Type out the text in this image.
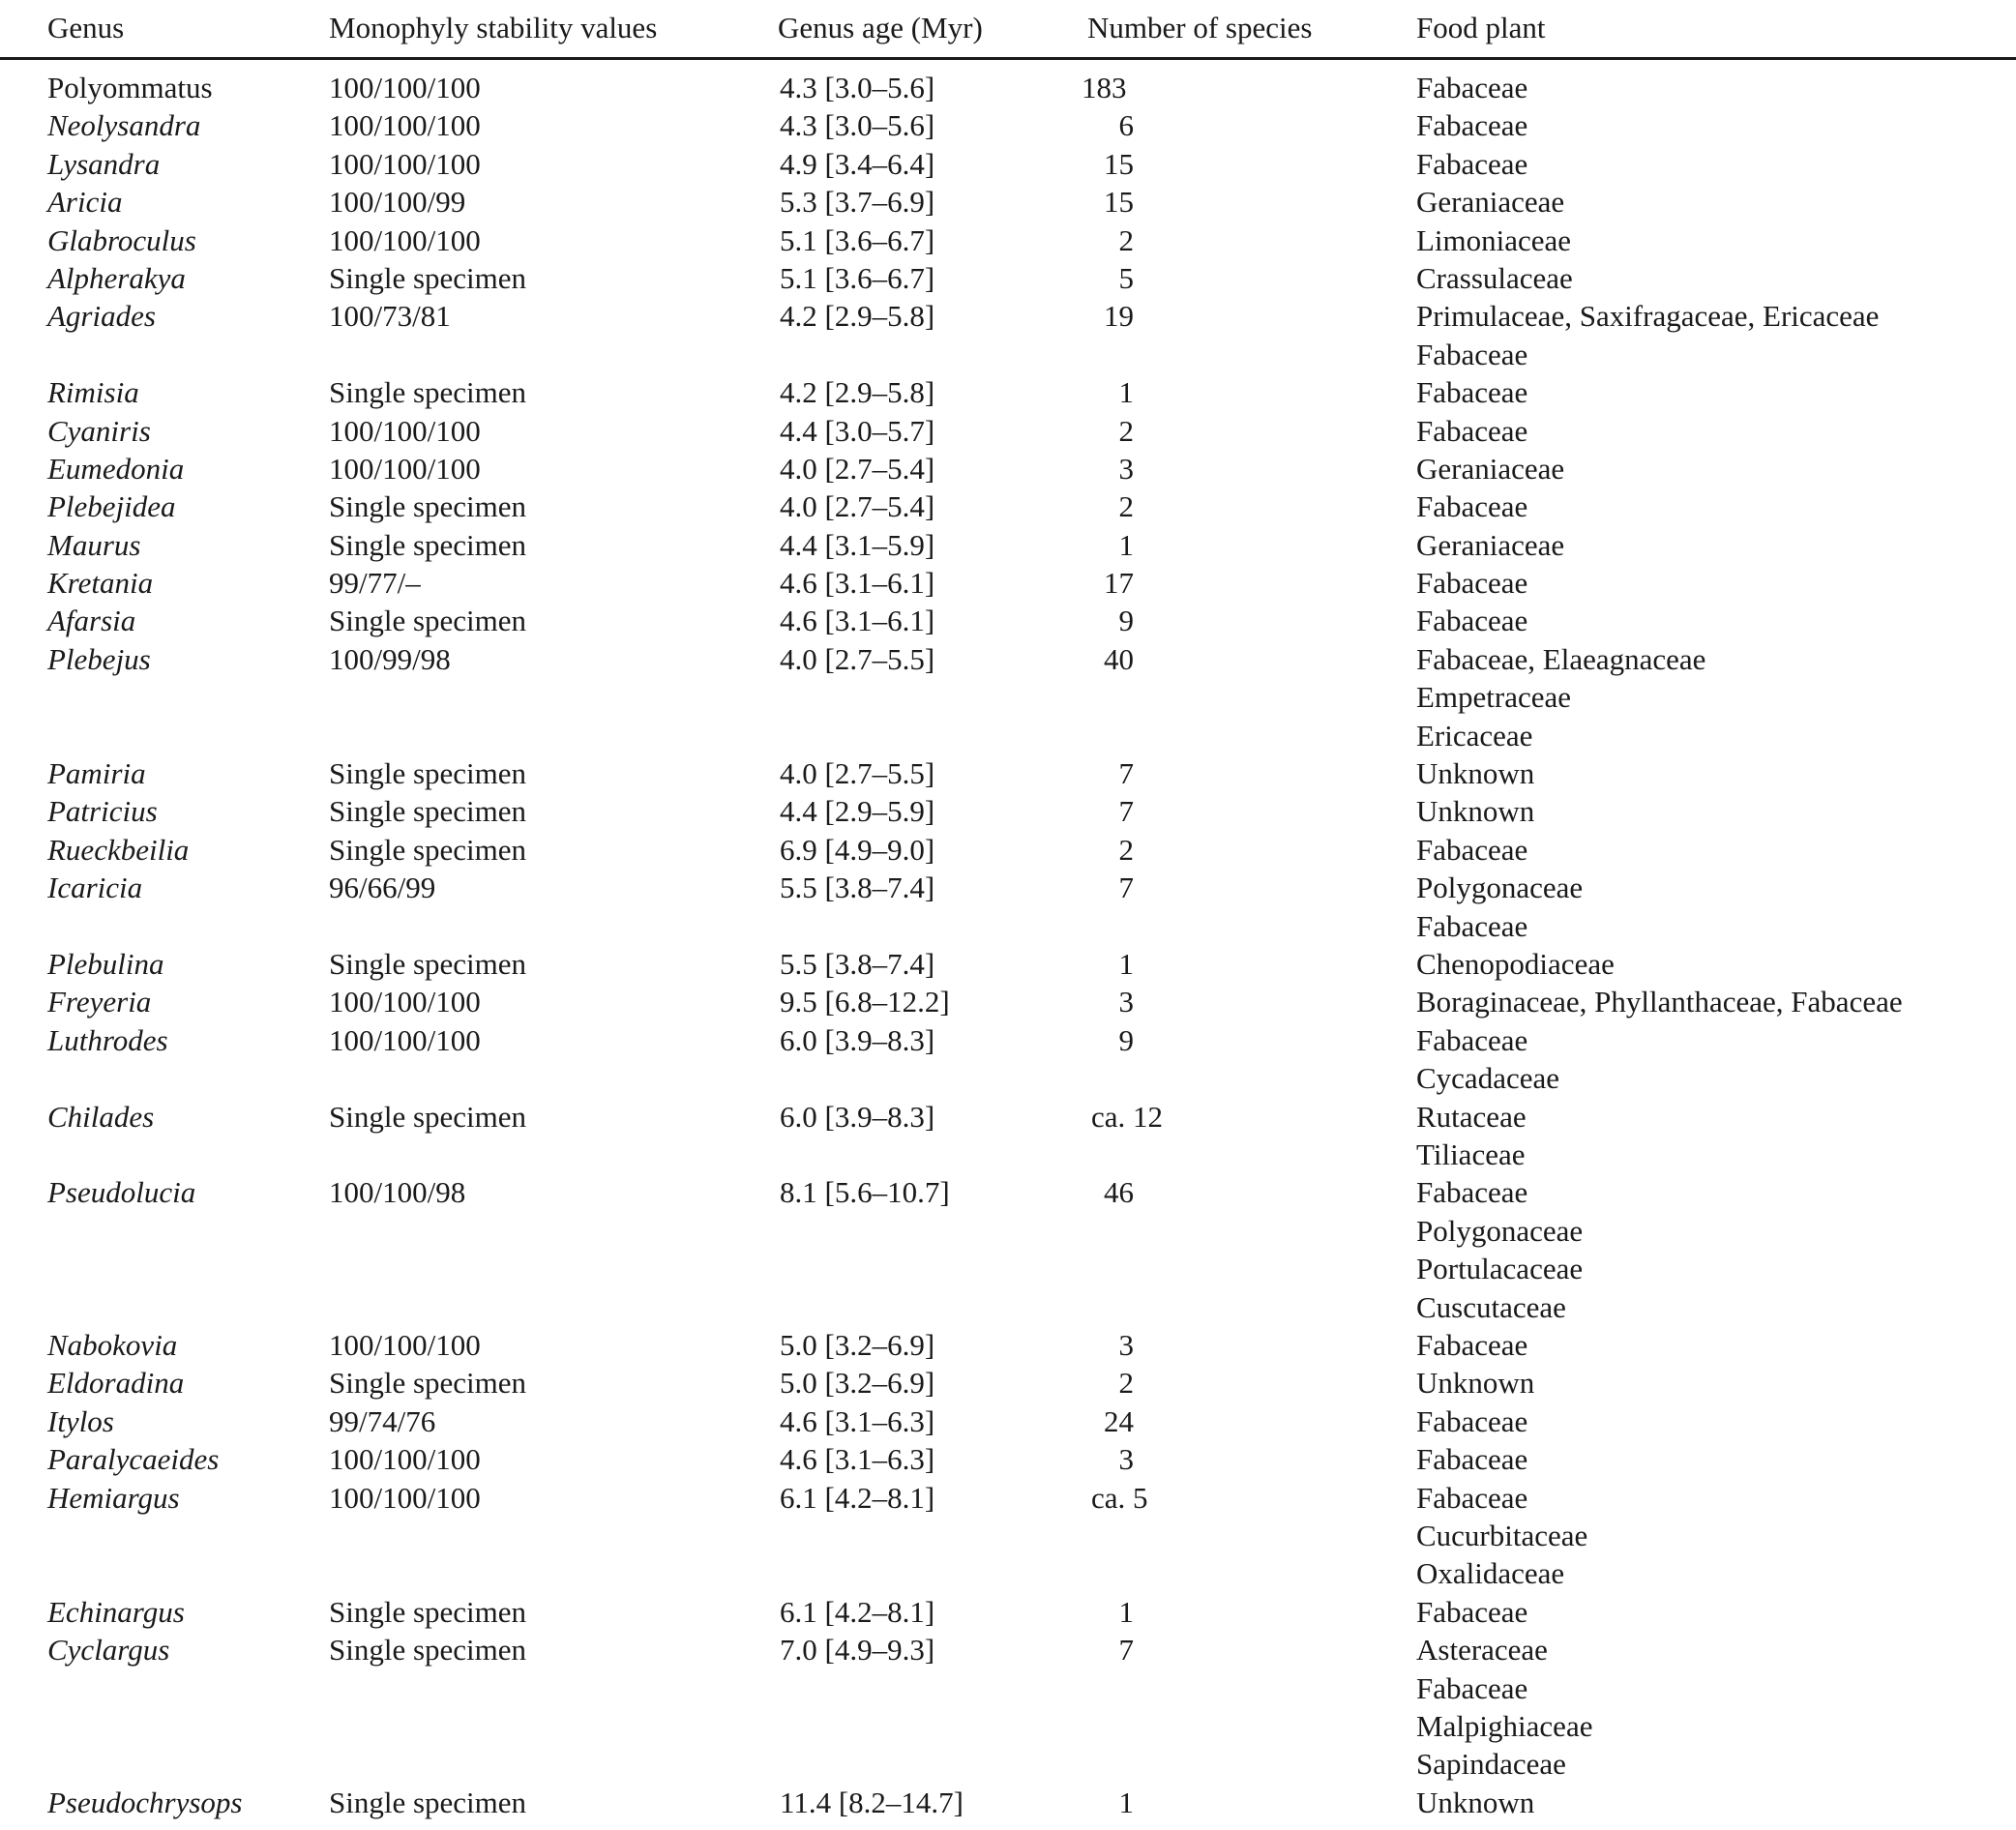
Genus	Monophyly stability values	Genus age (Myr)	Number of species	Food plant
Polyommatus	100/100/100	4.3 [3.0–5.6]	183	Fabaceae
Neolysandra	100/100/100	4.3 [3.0–5.6]	6	Fabaceae
Lysandra	100/100/100	4.9 [3.4–6.4]	15	Fabaceae
Aricia	100/100/99	5.3 [3.7–6.9]	15	Geraniaceae
Glabroculus	100/100/100	5.1 [3.6–6.7]	2	Limoniaceae
Alpherakya	Single specimen	5.1 [3.6–6.7]	5	Crassulaceae
Agriades	100/73/81	4.2 [2.9–5.8]	19	Primulaceae, Saxifragaceae, Ericaceae
Fabaceae
Rimisia	Single specimen	4.2 [2.9–5.8]	1	Fabaceae
Cyaniris	100/100/100	4.4 [3.0–5.7]	2	Fabaceae
Eumedonia	100/100/100	4.0 [2.7–5.4]	3	Geraniaceae
Plebejidea	Single specimen	4.0 [2.7–5.4]	2	Fabaceae
Maurus	Single specimen	4.4 [3.1–5.9]	1	Geraniaceae
Kretania	99/77/–	4.6 [3.1–6.1]	17	Fabaceae
Afarsia	Single specimen	4.6 [3.1–6.1]	9	Fabaceae
Plebejus	100/99/98	4.0 [2.7–5.5]	40	Fabaceae, Elaeagnaceae
Empetraceae
Ericaceae
Pamiria	Single specimen	4.0 [2.7–5.5]	7	Unknown
Patricius	Single specimen	4.4 [2.9–5.9]	7	Unknown
Rueckbeilia	Single specimen	6.9 [4.9–9.0]	2	Fabaceae
Icaricia	96/66/99	5.5 [3.8–7.4]	7	Polygonaceae
Fabaceae
Plebulina	Single specimen	5.5 [3.8–7.4]	1	Chenopodiaceae
Freyeria	100/100/100	9.5 [6.8–12.2]	3	Boraginaceae, Phyllanthaceae, Fabaceae
Luthrodes	100/100/100	6.0 [3.9–8.3]	9	Fabaceae
Cycadaceae
Chilades	Single specimen	6.0 [3.9–8.3]	ca. 12	Rutaceae
Tiliaceae
Pseudolucia	100/100/98	8.1 [5.6–10.7]	46	Fabaceae
Polygonaceae
Portulacaceae
Cuscutaceae
Nabokovia	100/100/100	5.0 [3.2–6.9]	3	Fabaceae
Eldoradina	Single specimen	5.0 [3.2–6.9]	2	Unknown
Itylos	99/74/76	4.6 [3.1–6.3]	24	Fabaceae
Paralycaeides	100/100/100	4.6 [3.1–6.3]	3	Fabaceae
Hemiargus	100/100/100	6.1 [4.2–8.1]	ca. 5	Fabaceae
Cucurbitaceae
Oxalidaceae
Echinargus	Single specimen	6.1 [4.2–8.1]	1	Fabaceae
Cyclargus	Single specimen	7.0 [4.9–9.3]	7	Asteraceae
Fabaceae
Malpighiaceae
Sapindaceae
Pseudochrysops	Single specimen	11.4 [8.2–14.7]	1	Unknown
